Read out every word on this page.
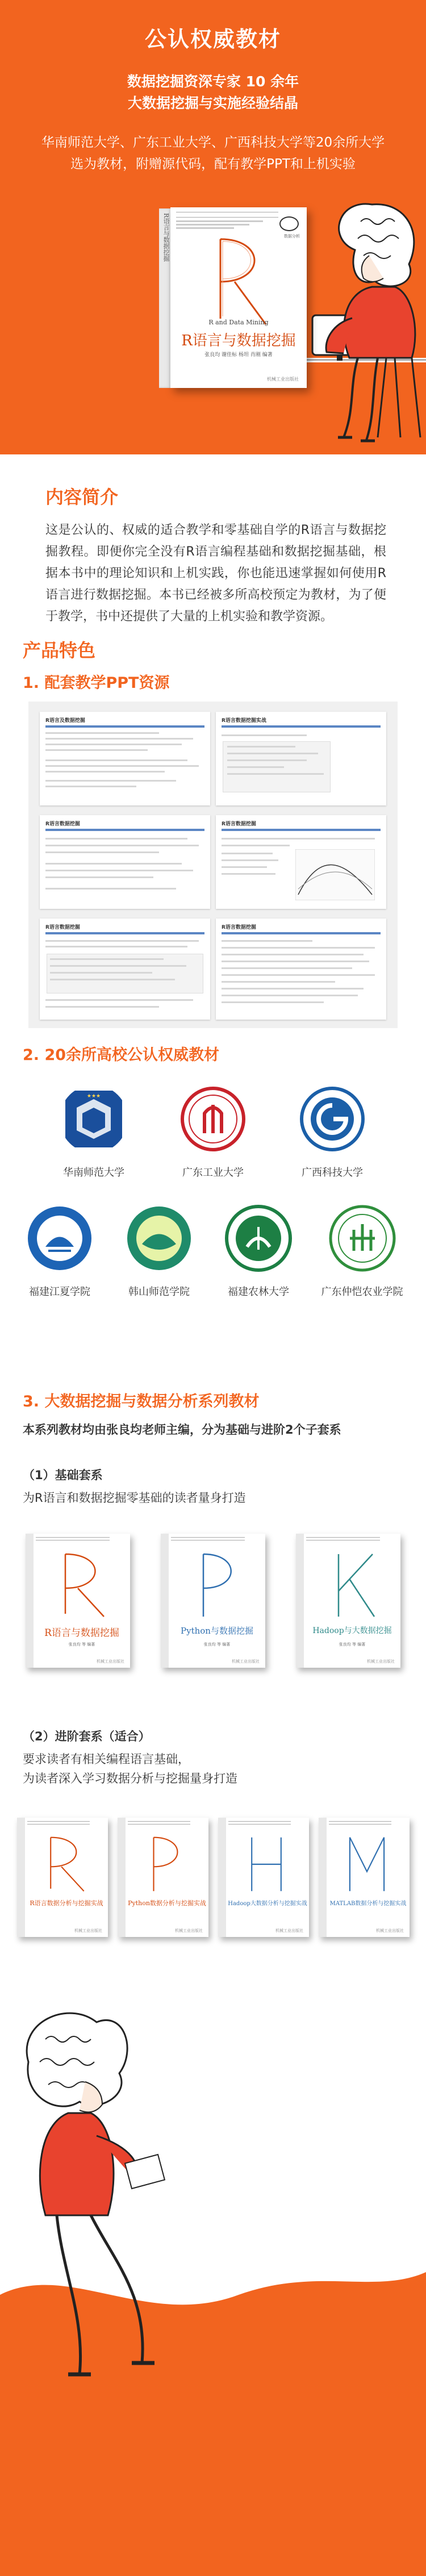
公认权威教材
数据挖掘资深专家 10 余年
大数据挖掘与实施经验结晶
华南师范大学、广东工业大学、广西科技大学等20余所大学
选为教材，附赠源代码，配有教学PPT和上机实验
R语言与数据挖掘	数据分析
R and Data Mining
R语言与数据挖掘
张良均 谢佳标 杨坦 肖刚 编著
机械工业出版社
内容简介
这是公认的、权威的适合教学和零基础自学的R语言与数据挖掘教程。即便你完全没有R语言编程基础和数据挖掘基础，根据本书中的理论知识和上机实践，你也能迅速掌握如何使用R语言进行数据挖掘。本书已经被多所高校预定为教材，为了便于教学，书中还提供了大量的上机实验和教学资源。
产品特色
1. 配套教学PPT资源
R语言及数据挖掘	R语言数据挖掘实战
R语言数据挖掘	R语言数据挖掘
R语言数据挖掘	R语言数据挖掘
2. 20余所高校公认权威教材
★★★
华南师范大学	广东工业大学	广西科技大学
福建江夏学院	韩山师范学院	福建农林大学	广东仲恺农业学院
3. 大数据挖掘与数据分析系列教材
本系列教材均由张良均老师主编，分为基础与进阶2个子套系
（1）基础套系
为R语言和数据挖掘零基础的读者量身打造
R语言与数据挖掘
张良均 等 编著
机械工业出版社
Python与数据挖掘
张良均 等 编著
机械工业出版社
Hadoop与大数据挖掘
张良均 等 编著
机械工业出版社
（2）进阶套系（适合）
要求读者有相关编程语言基础，
为读者深入学习数据分析与挖掘量身打造
R语言数据分析与挖掘实战
机械工业出版社
Python数据分析与挖掘实战
机械工业出版社
Hadoop大数据分析与挖掘实战
机械工业出版社
MATLAB数据分析与挖掘实战
机械工业出版社
